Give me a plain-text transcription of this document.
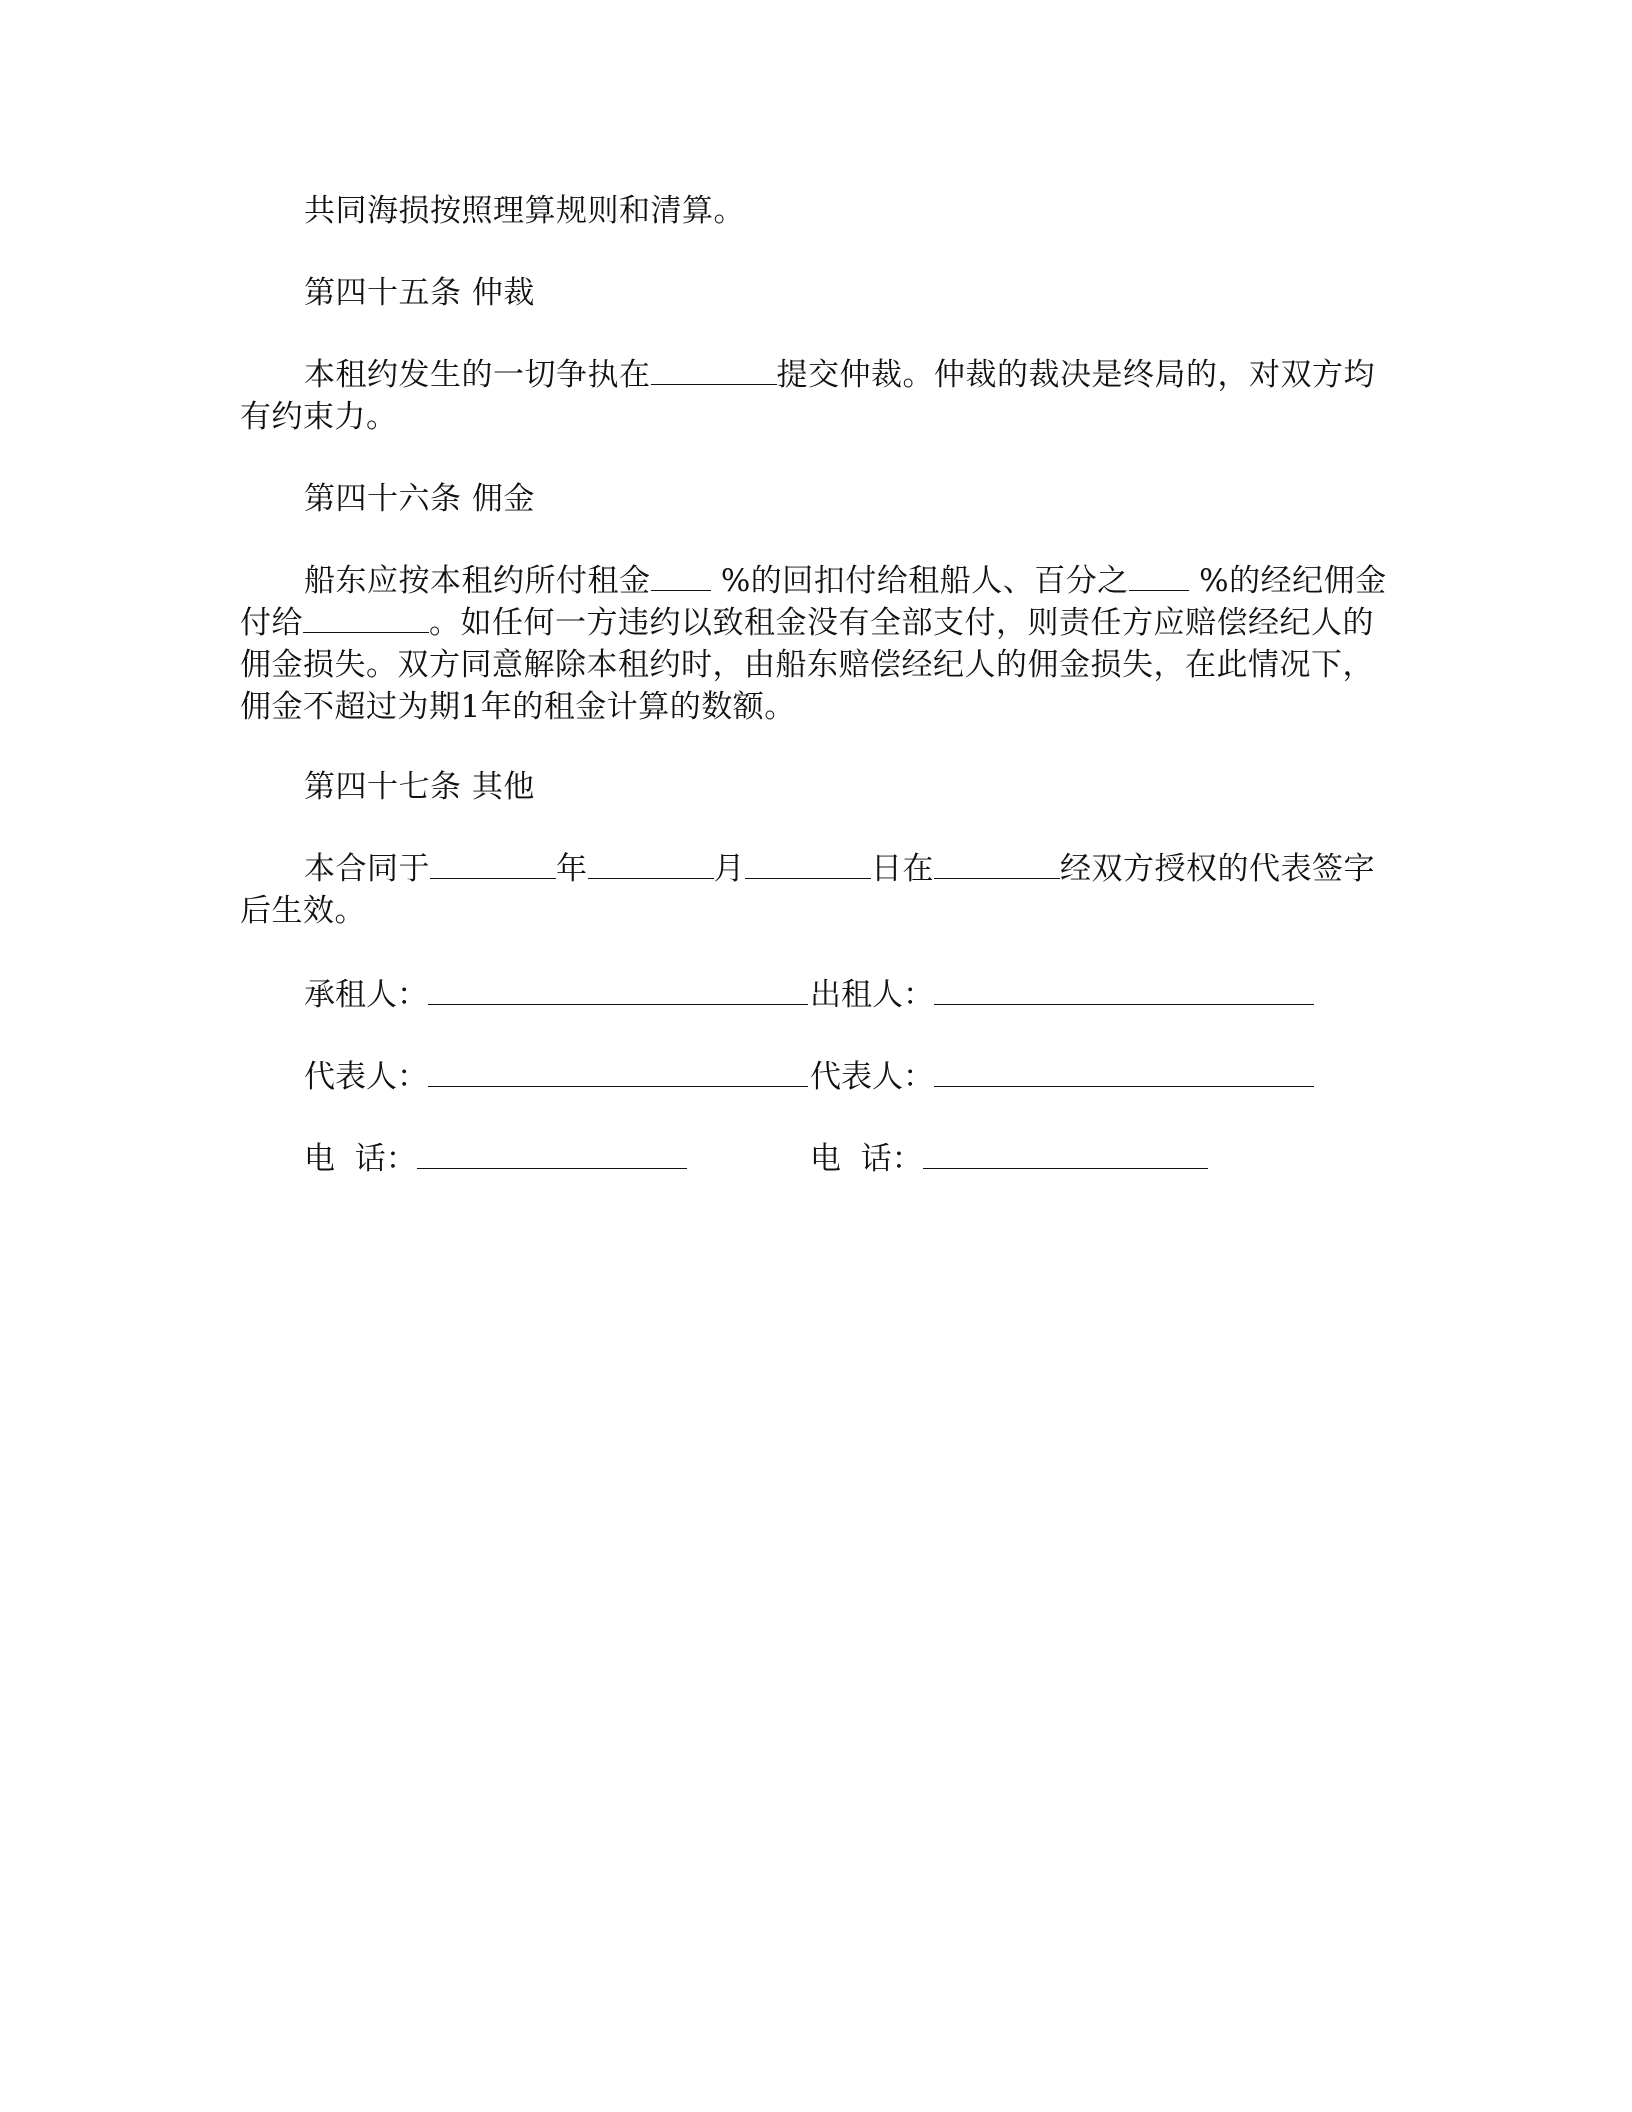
共同海损按照理算规则和清算。
第四十五条 仲裁
本租约发生的一切争执在	提交仲裁。仲裁的裁决是终局的，对双方均
有约束力。
第四十六条 佣金
船东应按本租约所付租金 %的回扣付给租船人、百分之 %的经纪佣金
付给	。如任何一方违约以致租金没有全部支付，则责任方应赔偿经纪人的
佣金损失。双方同意解除本租约时，由船东赔偿经纪人的佣金损失，在此情况下，
佣金不超过为期1年的租金计算的数额。
第四十七条 其他
本合同于	年	月	日在	经双方授权的代表签字
后生效。
承租人：	出租人：
代表人：	代表人：
电  话：	电  话：
